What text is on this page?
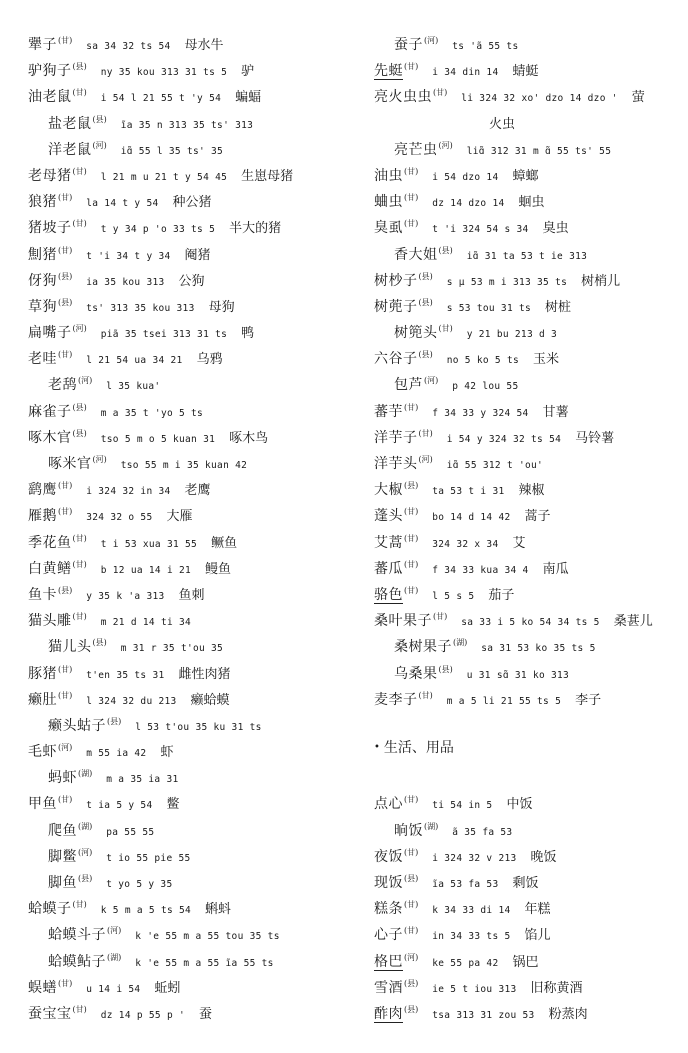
犟子$^{(甘)}$sa 34 32 ts 54 母水牛
驴狗子$^{(县)}$ny 35 kou 313 31 ts 5 驴
油老鼠$^{(甘)}$i 54 l 21 55 t 'y 54 蝙蝠
盐老鼠$^{(县)}$ĩa 35 n 313 35 ts' 313
洋老鼠$^{(河)}$iɑ̃ 55 l 35 ts' 35
老母猪$^{(甘)}$l 21 m u 21 t y 54 45 生崽母猪
狼猪$^{(甘)}$la 14 t y 54 种公猪
猪坡子$^{(甘)}$t y 34 p 'o 33 ts 5 半大的猪
劁猪$^{(甘)}$t 'i 34 t y 34 阉猪
伢狗$^{(县)}$ia 35 kou 313 公狗
草狗$^{(县)}$ts' 313 35 kou 313 母狗
扁嘴子$^{(河)}$piã 35 tsei 313 31 ts 鸭
老哇$^{(甘)}$l 21 54 ua 34 21 乌鸦
老鸹$^{(河)}$l 35 kua'
麻雀子$^{(县)}$m a 35 t 'yo 5 ts
啄木官$^{(县)}$tso 5 m o 5 kuan 31 啄木鸟
啄米官$^{(河)}$tso 55 m i 35 kuan 42
鹞鹰$^{(甘)}$i 324 32 in 34 老鹰
雁鹅$^{(甘)}$324 32 o 55 大雁
季花鱼$^{(甘)}$t i 53 xua 31 55 鳜鱼
白黄鳝$^{(甘)}$b 12 ua 14 i 21 鳗鱼
鱼卡$^{(县)}$y 35 k 'a 313 鱼刺
猫头雕$^{(甘)}$m 21 d 14 ti 34
猫儿头$^{(县)}$m 31 r 35 t'ou 35
豚猪$^{(甘)}$t'en 35 ts 31 雌性肉猪
癞肚$^{(甘)}$l 324 32 du 213 癞蛤蟆
癞头蛄子$^{(县)}$l 53 t'ou 35 ku 31 ts
毛虾$^{(河)}$m 55 ia 42 虾
蚂虾$^{(湖)}$m a 35 ia 31
甲鱼$^{(甘)}$t ia 5 y 54 鳖
爬鱼$^{(湖)}$pa 55 55
脚鳖$^{(河)}$t io 55 pie 55
脚鱼$^{(县)}$t yo 5 y 35
蛤蟆子$^{(甘)}$k 5 m a 5 ts 54 蝌蚪
蛤蟆斗子$^{(河)}$k 'e 55 m a 55 tou 35 ts
蛤蟆鲇子$^{(湖)}$k 'e 55 m a 55 ĩa 55 ts
蜈蟮$^{(甘)}$u 14 i 54 蚯蚓
蚕宝宝$^{(甘)}$dz 14 p 55 p ' 蚕
蚕子$^{(河)}$ts 'ã 55 ts
先蜓$^{(甘)}$i 34 din 14 蜻蜓
亮火虫虫$^{(甘)}$li 324 32 xo' dzo 14 dzo ' 萤
火虫
亮芒虫$^{(河)}$liɑ̃ 312 31 m ɑ̃ 55 ts' 55
油虫$^{(甘)}$i 54 dzo 14 蟑螂
蛐虫$^{(甘)}$dz 14 dzo 14 蛔虫
臭虱$^{(甘)}$t 'i 324 54 s 34 臭虫
香大姐$^{(县)}$iɑ̃ 31 ta 53 t ie 313
树杪子$^{(县)}$s μ 53 m i 313 35 ts 树梢儿
树蔸子$^{(县)}$s 53 tou 31 ts 树桩
树篼头$^{(甘)}$y 21 bu 213 d 3
六谷子$^{(县)}$no 5 ko 5 ts 玉米
包芦$^{(河)}$p 42 lou 55
蕃芋$^{(甘)}$f 34 33 y 324 54 甘薯
洋芋子$^{(甘)}$i 54 y 324 32 ts 54 马铃薯
洋芋头$^{(河)}$iɑ̃ 55 312 t 'ou'
大椒$^{(县)}$ta 53 t i 31 辣椒
蓬头$^{(甘)}$bo 14 d 14 42 蒿子
艾蒿$^{(甘)}$324 32 x 34 艾
蕃瓜$^{(甘)}$f 34 33 kua 34 4 南瓜
骆色$^{(甘)}$l 5 s 5 茄子
桑叶果子$^{(甘)}$sa 33 i 5 ko 54 34 ts 5 桑葚儿
桑树果子$^{(湖)}$sa 31 53 ko 35 ts 5
乌桑果$^{(县)}$u 31 sɑ̃ 31 ko 313
麦李子$^{(甘)}$m a 5 li 21 55 ts 5 李子
• 生活、用品
点心$^{(甘)}$ti 54 in 5 中饭
晌饭$^{(湖)}$ã 35 fa 53
夜饭$^{(甘)}$i 324 32 v 213 晚饭
现饭$^{(县)}$ĩa 53 fa 53 剩饭
糕条$^{(甘)}$k 34 33 di 14 年糕
心子$^{(甘)}$in 34 33 ts 5 馅儿
格巴$^{(河)}$ke 55 pa 42 锅巴
雪酒$^{(县)}$ie 5 t iou 313 旧称黄酒
酢肉$^{(县)}$tsa 313 31 zou 53 粉蒸肉
